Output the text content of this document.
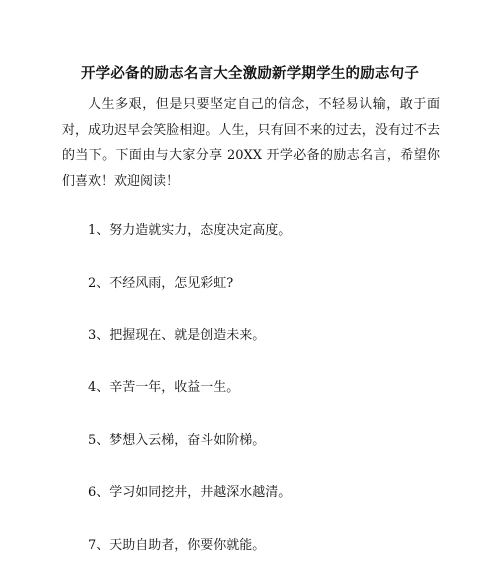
开学必备的励志名言大全激励新学期学生的励志句子

人生多艰，但是只要坚定自己的信念，不轻易认输，敢于面对，成功迟早会笑脸相迎。人生，只有回不来的过去，没有过不去的当下。下面由与大家分享 20XX 开学必备的励志名言，希望你们喜欢！欢迎阅读！

1、努力造就实力，态度决定高度。
2、不经风雨，怎见彩虹?
3、把握现在、就是创造未来。
4、辛苦一年，收益一生。
5、梦想入云梯，奋斗如阶梯。
6、学习如同挖井，井越深水越清。
7、天助自助者，你要你就能。
